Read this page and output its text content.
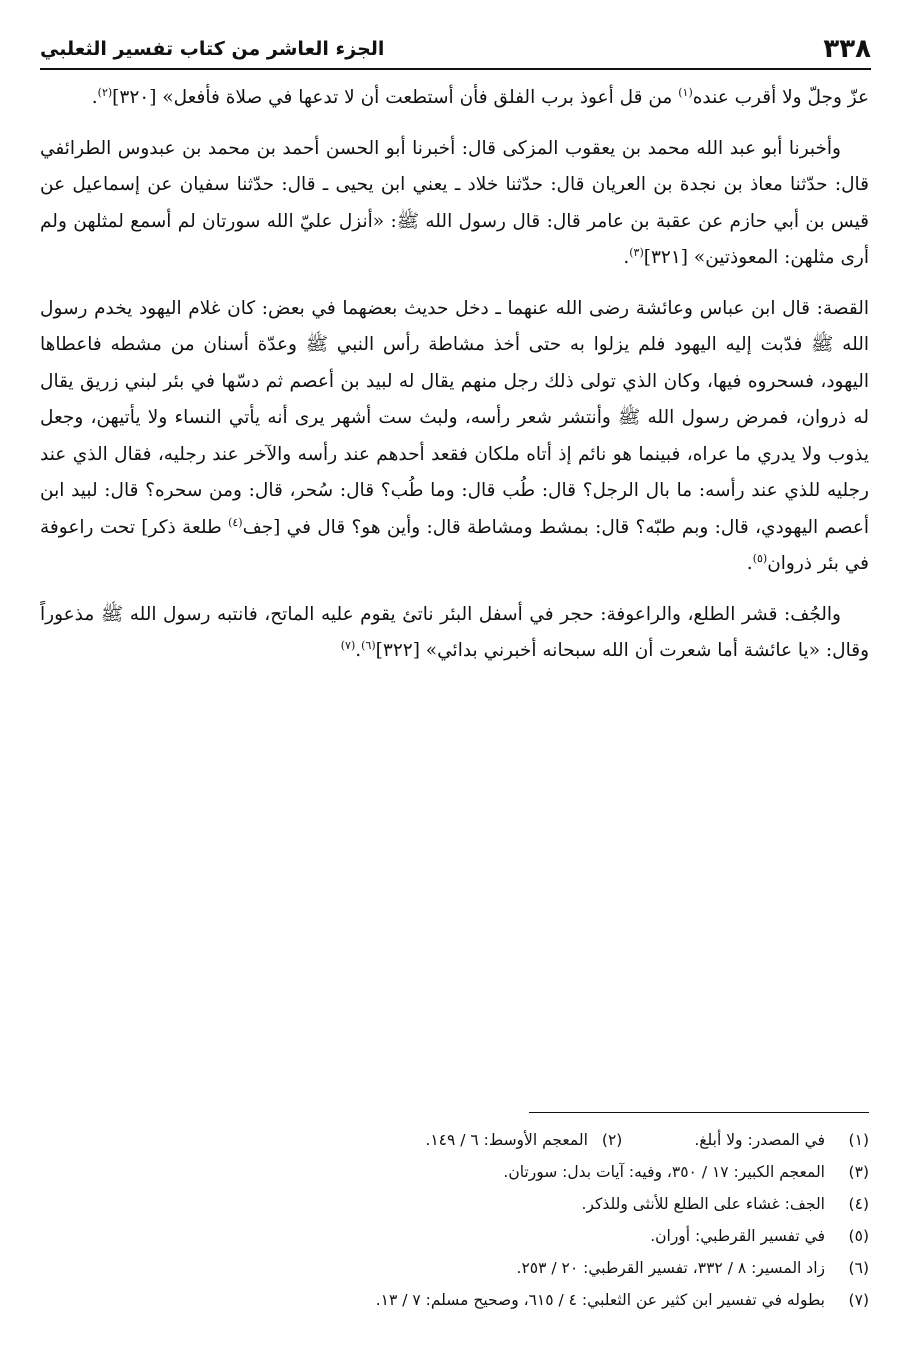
٣٣٨
الجزء العاشر من كتاب تفسير الثعلبي

عزّ وجلّ ولا أقرب عنده$^{(١)}$ من قل أعوذ برب الفلق فأن أستطعت أن لا تدعها في صلاة فأفعل» [٣٢٠]$^{(٢)}$.

وأخبرنا أبو عبد الله محمد بن يعقوب المزكى قال: أخبرنا أبو الحسن أحمد بن محمد بن عبدوس الطرائفي قال: حدّثنا معاذ بن نجدة بن العريان قال: حدّثنا خلاد ـ يعني ابن يحيى ـ قال: حدّثنا سفيان عن إسماعيل عن قيس بن أبي حازم عن عقبة بن عامر قال: قال رسول الله ﷺ: «أنزل عليّ الله سورتان لم أسمع لمثلهن ولم أرى مثلهن: المعوذتين» [٣٢١]$^{(٣)}$.

القصة: قال ابن عباس وعائشة رضى الله عنهما ـ دخل حديث بعضهما في بعض: كان غلام اليهود يخدم رسول الله ﷺ فدّبت إليه اليهود فلم يزلوا به حتى أخذ مشاطة رأس النبي ﷺ وعدّة أسنان من مشطه فاعطاها اليهود، فسحروه فيها، وكان الذي تولى ذلك رجل منهم يقال له لبيد بن أعصم ثم دسّها في بئر لبني زريق يقال له ذروان، فمرض رسول الله ﷺ وأنتشر شعر رأسه، ولبث ست أشهر يرى أنه يأتي النساء ولا يأتيهن، وجعل يذوب ولا يدري ما عراه، فبينما هو نائم إذ أتاه ملكان فقعد أحدهم عند رأسه والآخر عند رجليه، فقال الذي عند رجليه للذي عند رأسه: ما بال الرجل؟ قال: طُب قال: وما طُب؟ قال: سُحر، قال: ومن سحره؟ قال: لبيد ابن أعصم اليهودي، قال: وبم طبّه؟ قال: بمشط ومشاطة قال: وأين هو؟ قال في [جف$^{(٤)}$ طلعة ذكر] تحت راعوفة في بئر ذروان$^{(٥)}$.

والجُف: قشر الطلع، والراعوفة: حجر في أسفل البئر ناتئ يقوم عليه الماتح، فانتبه رسول الله ﷺ مذعوراً وقال: «يا عائشة أما شعرت أن الله سبحانه أخبرني بدائي» [٣٢٢]$^{(٦)}$.$^{(٧)}$

(١)
في المصدر: ولا أبلغ.
(٢)
المعجم الأوسط: ٦ / ١٤٩.
(٣)
المعجم الكبير: ١٧ / ٣٥٠، وفيه: آيات بدل: سورتان.
(٤)
الجف: غشاء على الطلع للأنثى وللذكر.
(٥)
في تفسير القرطبي: أوران.
(٦)
زاد المسير: ٨ / ٣٣٢، تفسير القرطبي: ٢٠ / ٢٥٣.
(٧)
بطوله في تفسير ابن كثير عن الثعلبي: ٤ / ٦١٥، وصحيح مسلم: ٧ / ١٣.
